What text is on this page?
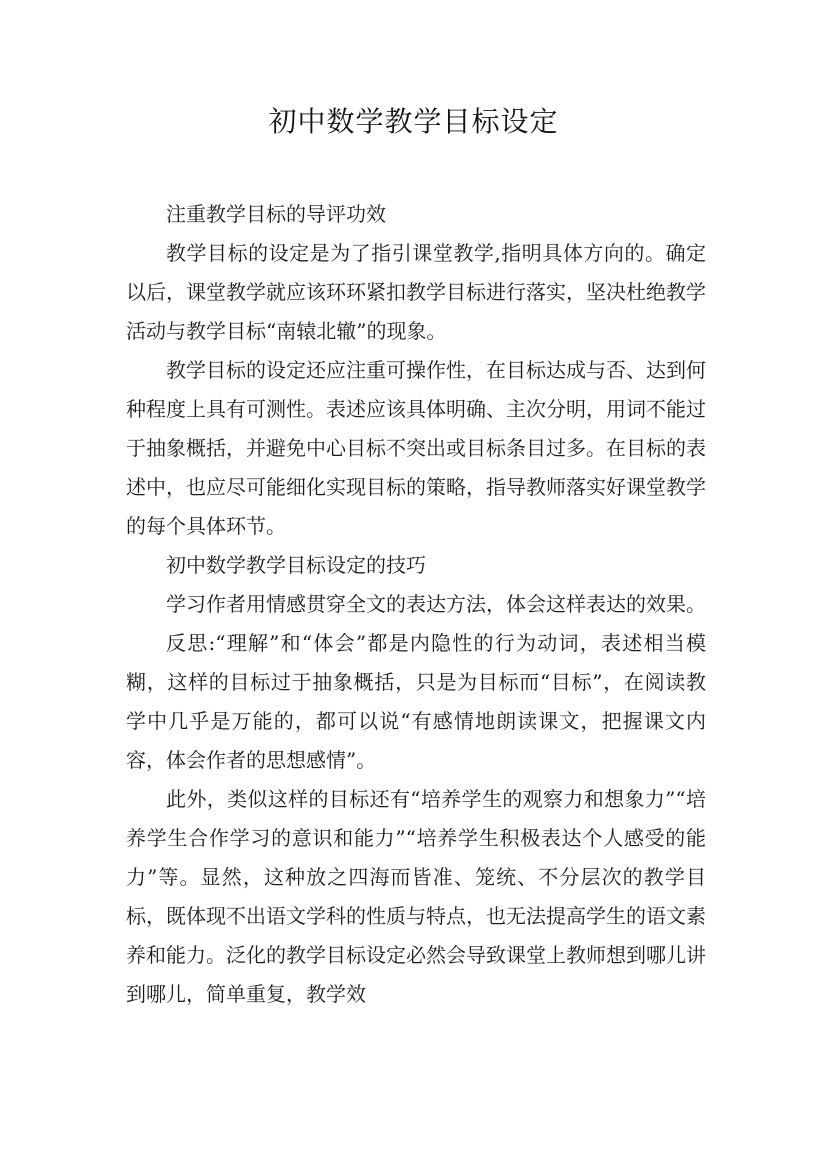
初中数学教学目标设定

注重教学目标的导评功效

教学目标的设定是为了指引课堂教学,指明具体方向的。确定以后，课堂教学就应该环环紧扣教学目标进行落实，坚决杜绝教学活动与教学目标“南辕北辙”的现象。

教学目标的设定还应注重可操作性，在目标达成与否、达到何种程度上具有可测性。表述应该具体明确、主次分明，用词不能过于抽象概括，并避免中心目标不突出或目标条目过多。在目标的表述中，也应尽可能细化实现目标的策略，指导教师落实好课堂教学的每个具体环节。

初中数学教学目标设定的技巧

学习作者用情感贯穿全文的表达方法，体会这样表达的效果。

反思:“理解”和“体会”都是内隐性的行为动词，表述相当模糊，这样的目标过于抽象概括，只是为目标而“目标”，在阅读教学中几乎是万能的，都可以说“有感情地朗读课文，把握课文内容，体会作者的思想感情”。

此外，类似这样的目标还有“培养学生的观察力和想象力”“培养学生合作学习的意识和能力”“培养学生积极表达个人感受的能力”等。显然，这种放之四海而皆准、笼统、不分层次的教学目标，既体现不出语文学科的性质与特点，也无法提高学生的语文素养和能力。泛化的教学目标设定必然会导致课堂上教师想到哪儿讲到哪儿，简单重复，教学效
